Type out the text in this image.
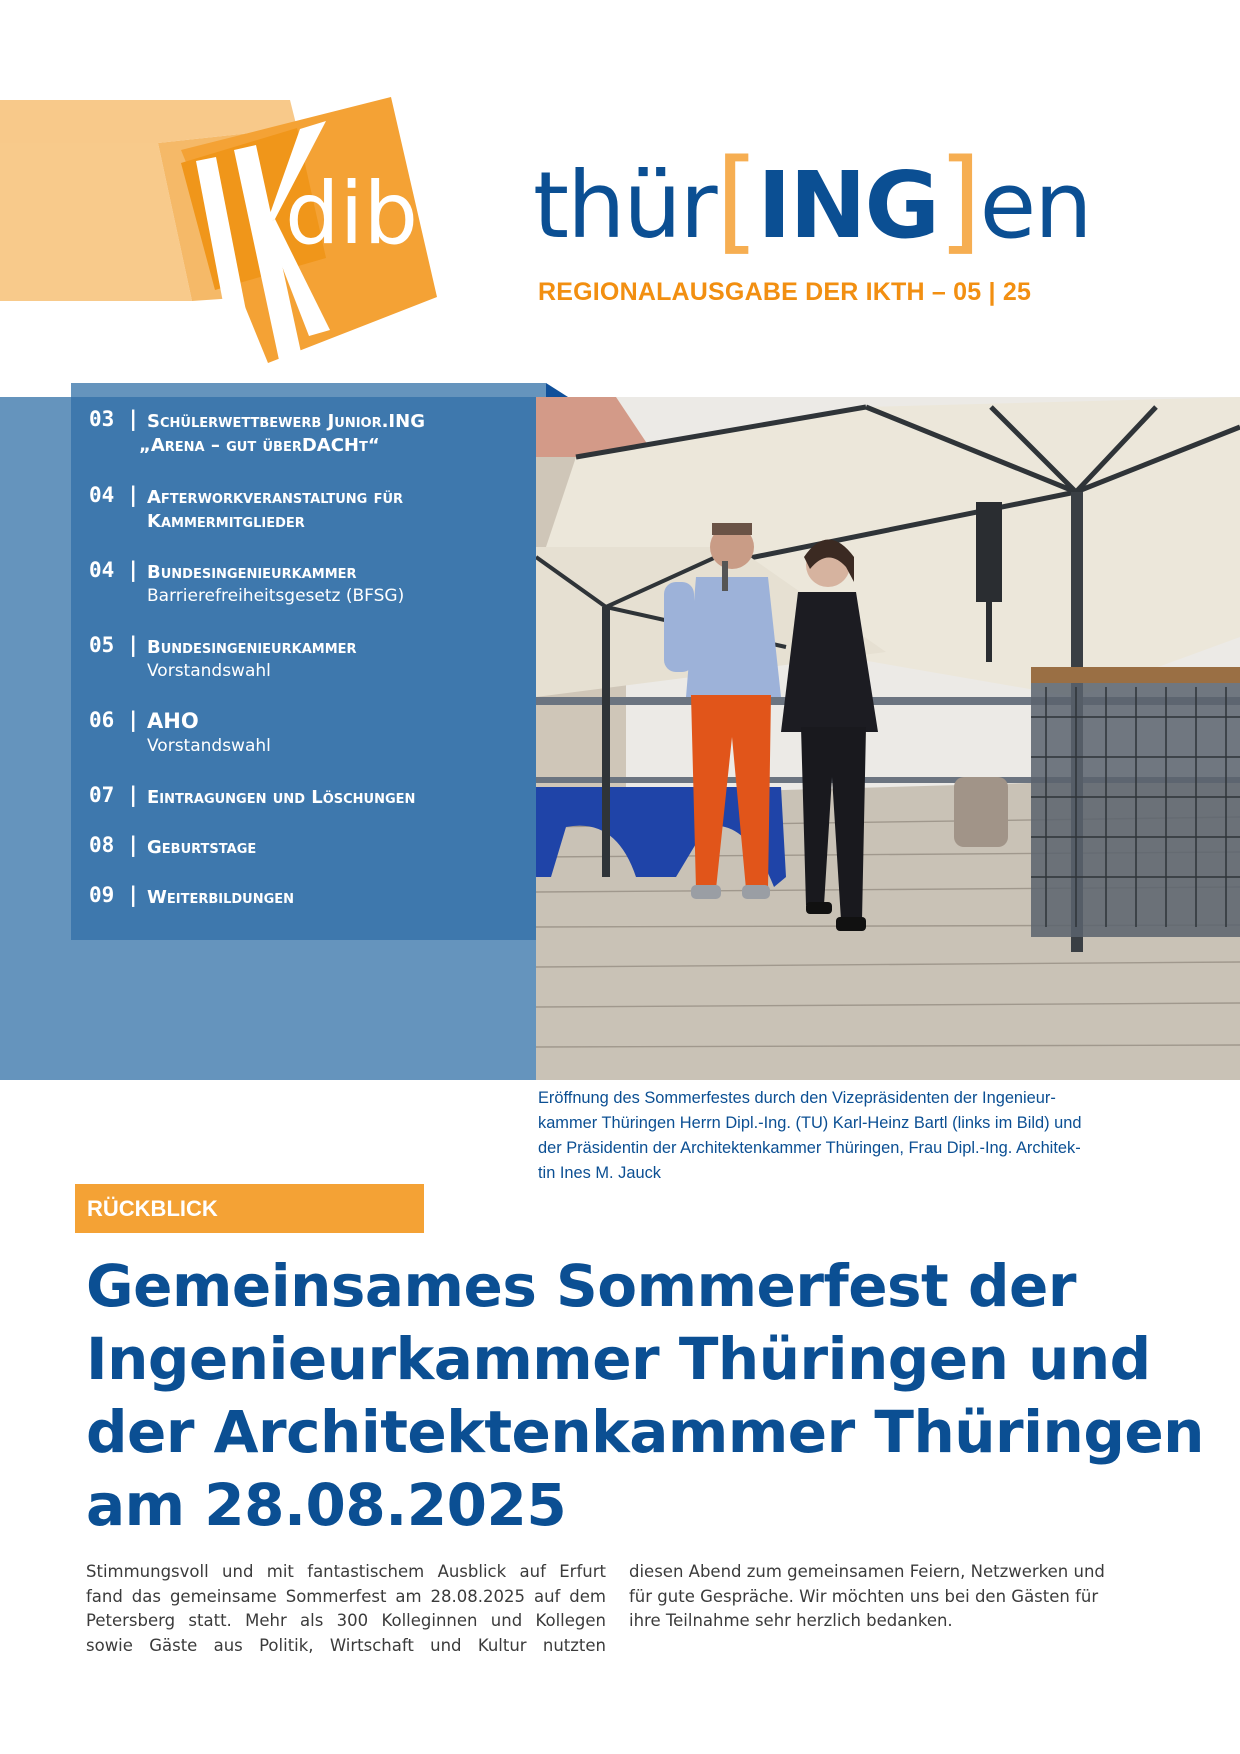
dib thür [ ING ] en
REGIONALAUSGABE DER IKTH – 05 | 25
03 | Schülerwettbewerb Junior.ING
„Arena – gut überDACHt“
04 | Afterworkveranstaltung für
Kammermitglieder
04 | Bundesingenieurkammer
Barrierefreiheitsgesetz (BFSG)
05 | Bundesingenieurkammer
Vorstandswahl
06 | AHO
Vorstandswahl
07 | Eintragungen und Löschungen
08 | Geburtstage
09 | Weiterbildungen
Eröffnung des Sommerfestes durch den Vizepräsidenten der Ingenieur-
kammer Thüringen Herrn Dipl.-Ing. (TU) Karl-Heinz Bartl (links im Bild) und
der Präsidentin der Architektenkammer Thüringen, Frau Dipl.-Ing. Architek-
tin Ines M. Jauck
RÜCKBLICK
Gemeinsames Sommerfest der
Ingenieurkammer Thüringen und
der Architektenkammer Thüringen
am 28.08.2025
Stimmungsvoll und mit fantastischem Ausblick auf Erfurt
fand das gemeinsame Sommerfest am 28.08.2025 auf dem
Petersberg statt. Mehr als 300 Kolleginnen und Kollegen
sowie Gäste aus Politik, Wirtschaft und Kultur nutzten
diesen Abend zum gemeinsamen Feiern, Netzwerken und
für gute Gespräche. Wir möchten uns bei den Gästen für
ihre Teilnahme sehr herzlich bedanken.
